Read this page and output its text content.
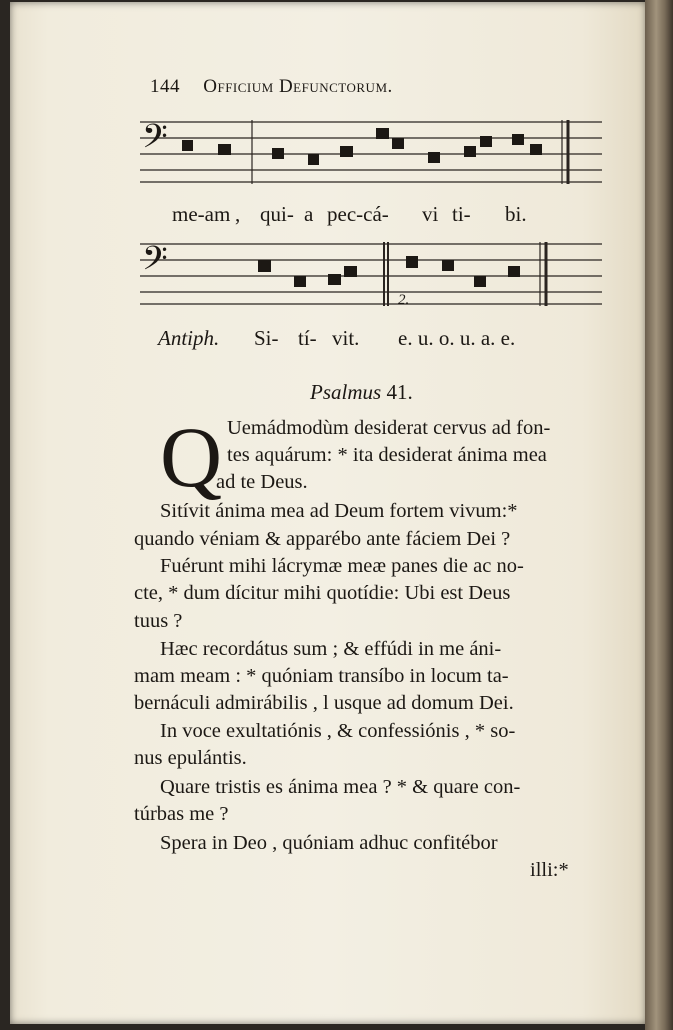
144 Officium Defunctorum.
𝄢
me-am , qui- a pec-cá- vi ti- bi.
𝄢
2.
Antiph. Si- tí- vit. e. u. o. u. a. e.
Psalmus 41.
Q Uemádmodùm desiderat cervus ad fon-
tes aquárum: * ita desiderat ánima mea
ad te Deus.
Sitívit ánima mea ad Deum fortem vivum:*
quando véniam & apparébo ante fáciem Dei ?
Fuérunt mihi lácrymæ meæ panes die ac no-
cte, * dum dícitur mihi quotídie: Ubi est Deus
tuus ?
Hæc recordátus sum ; & effúdi in me áni-
mam meam : * quóniam transíbo in locum ta-
bernáculi admirábilis , l usque ad domum Dei.
In voce exultatiónis , & confessiónis , * so-
nus epulántis.
Quare tristis es ánima mea ? * & quare con-
túrbas me ?
Spera in Deo , quóniam adhuc confitébor
illi:*
